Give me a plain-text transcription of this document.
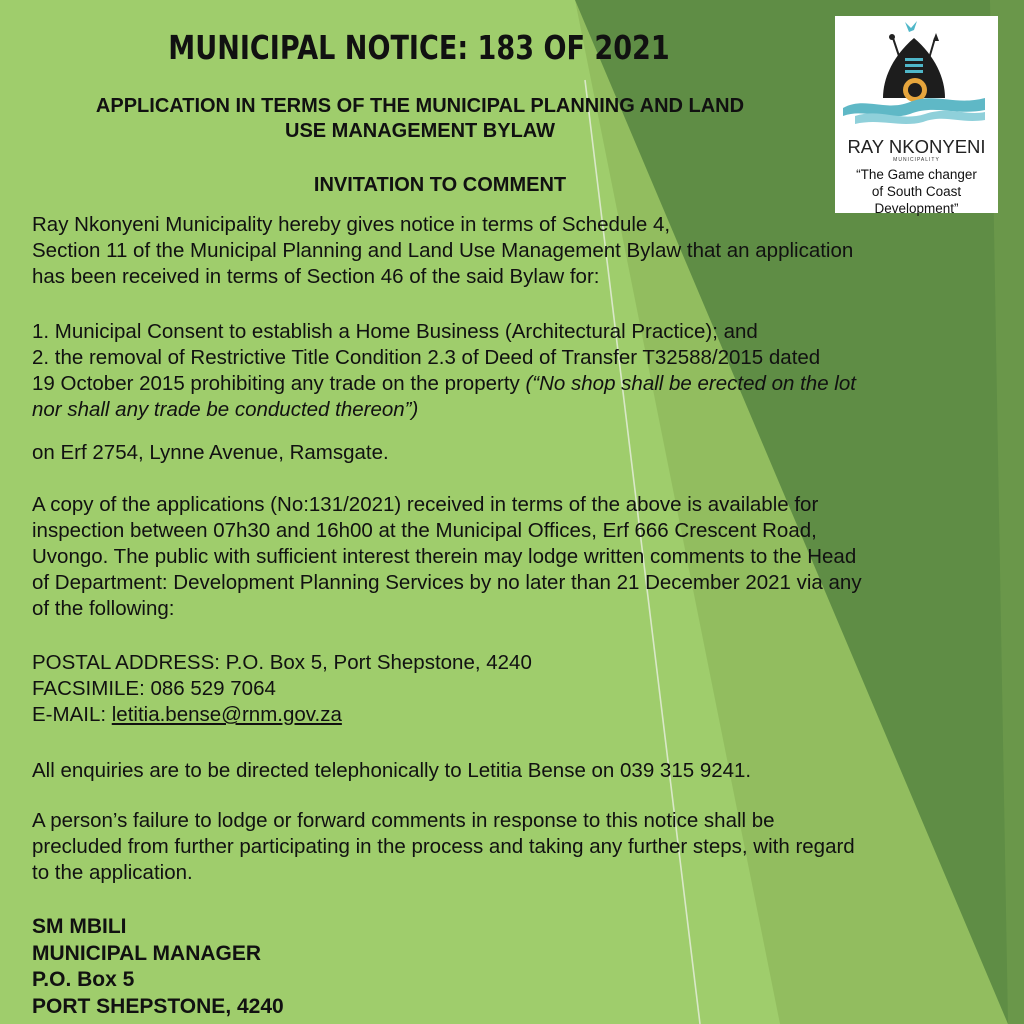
MUNICIPAL NOTICE: 183 OF 2021
APPLICATION IN TERMS OF THE MUNICIPAL PLANNING AND LAND
USE MANAGEMENT BYLAW
INVITATION TO COMMENT
Ray Nkonyeni Municipality hereby gives notice in terms of Schedule 4,
Section 11 of the Municipal Planning and Land Use Management Bylaw that an application
has been received in terms of Section 46 of the said Bylaw for:
1. Municipal Consent to establish a Home Business (Architectural Practice); and
2. the removal of Restrictive Title Condition 2.3 of Deed of Transfer T32588/2015 dated
19 October 2015 prohibiting any trade on the property (“No shop shall be erected on the lot
nor shall any trade be conducted thereon”)
on Erf 2754, Lynne Avenue, Ramsgate.
A copy of the applications (No:131/2021) received in terms of the above is available for
inspection between 07h30 and 16h00 at the Municipal Offices, Erf 666 Crescent Road,
Uvongo. The public with sufficient interest therein may lodge written comments to the Head
of Department: Development Planning Services by no later than 21 December 2021 via any
of the following:
POSTAL ADDRESS: P.O. Box 5, Port Shepstone, 4240
FACSIMILE: 086 529 7064
E-MAIL: letitia.bense@rnm.gov.za
All enquiries are to be directed telephonically to Letitia Bense on 039 315 9241.
A person’s failure to lodge or forward comments in response to this notice shall be
precluded from further participating in the process and taking any further steps, with regard
to the application.
SM MBILI
MUNICIPAL MANAGER
P.O. Box 5
PORT SHEPSTONE, 4240
RAY NKONYENI
MUNICIPALITY
“The Game changer
of South Coast
Development”
